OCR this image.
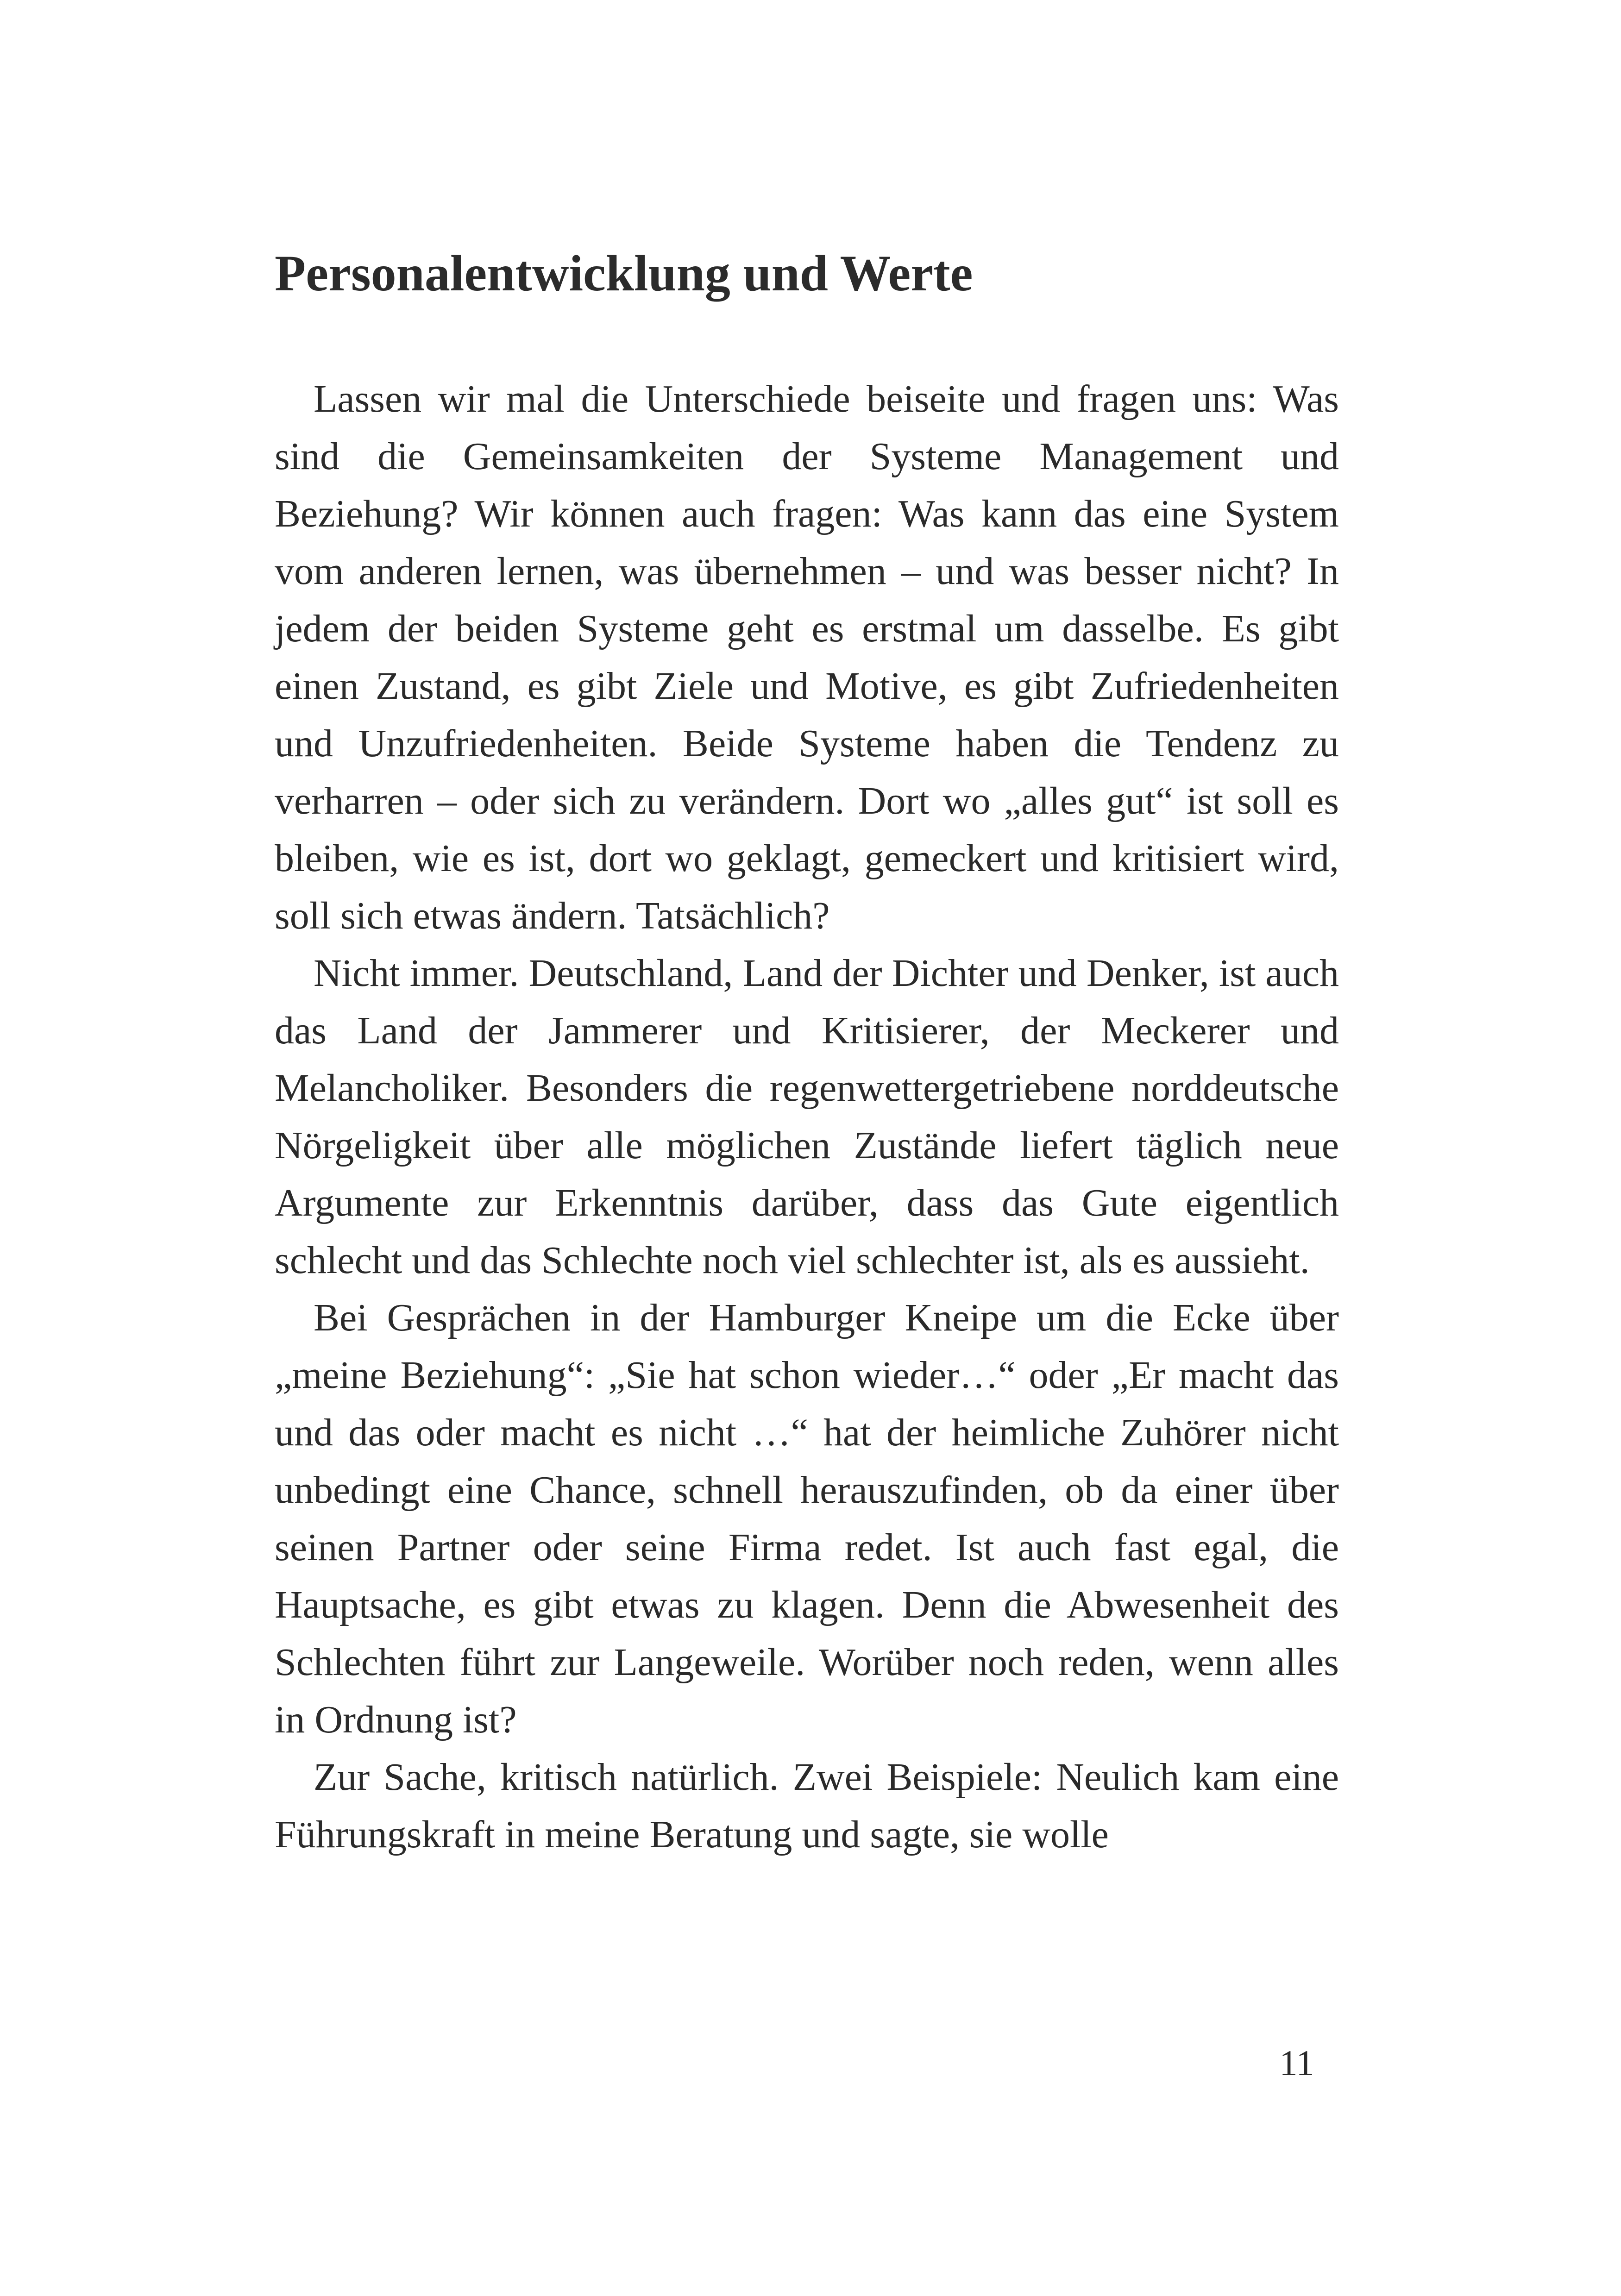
Personalentwicklung und Werte

Lassen wir mal die Unterschiede beiseite und fragen uns: Was sind die Gemeinsamkeiten der Systeme Management und Beziehung? Wir können auch fragen: Was kann das eine System vom anderen lernen, was übernehmen – und was besser nicht? In jedem der beiden Systeme geht es erstmal um dasselbe. Es gibt einen Zustand, es gibt Ziele und Motive, es gibt Zufriedenheiten und Unzufriedenheiten. Beide Systeme haben die Tendenz zu verharren – oder sich zu verändern. Dort wo „alles gut“ ist soll es bleiben, wie es ist, dort wo geklagt, gemeckert und kritisiert wird, soll sich etwas ändern. Tatsächlich?

Nicht immer. Deutschland, Land der Dichter und Denker, ist auch das Land der Jammerer und Kritisierer, der Meckerer und Melancholiker. Besonders die regenwettergetriebene norddeutsche Nörgeligkeit über alle möglichen Zustände liefert täglich neue Argumente zur Erkenntnis darüber, dass das Gute eigentlich schlecht und das Schlechte noch viel schlechter ist, als es aussieht.

Bei Gesprächen in der Hamburger Kneipe um die Ecke über „meine Beziehung“: „Sie hat schon wieder…“ oder „Er macht das und das oder macht es nicht …“ hat der heimliche Zuhörer nicht unbedingt eine Chance, schnell herauszufinden, ob da einer über seinen Partner oder seine Firma redet. Ist auch fast egal, die Hauptsache, es gibt etwas zu klagen. Denn die Abwesenheit des Schlechten führt zur Langeweile. Worüber noch reden, wenn alles in Ordnung ist?

Zur Sache, kritisch natürlich. Zwei Beispiele: Neulich kam eine Führungskraft in meine Beratung und sagte, sie wolle

11
